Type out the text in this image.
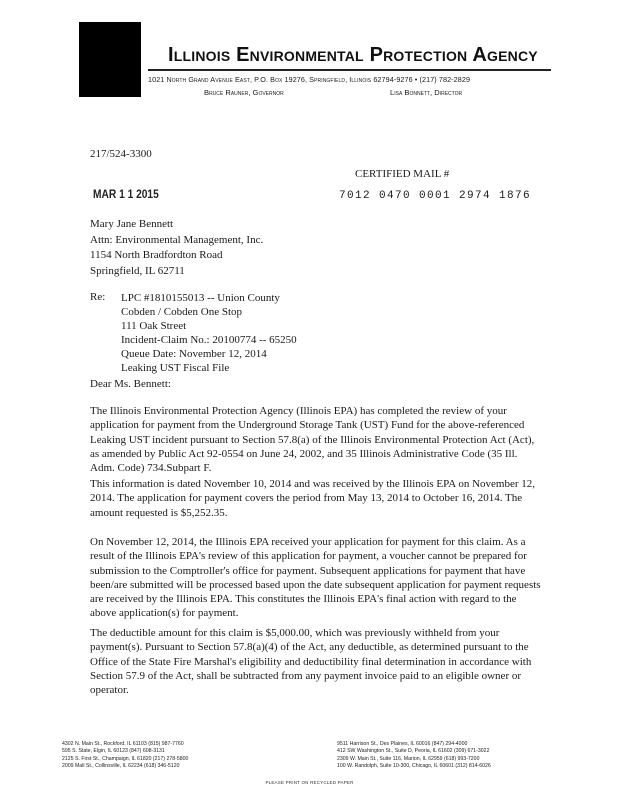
Illinois Environmental Protection Agency
1021 North Grand Avenue East, P.O. Box 19276, Springfield, Illinois 62794-9276 • (217) 782-2829
Bruce Rauner, Governor	Lisa Bonnett, Director
217/524-3300
MAR 1 1 2015
CERTIFIED MAIL #
7012 0470 0001 2974 1876
Mary Jane Bennett
Attn: Environmental Management, Inc.
1154 North Bradfordton Road
Springfield, IL 62711
Re: LPC #1810155013 -- Union County
Cobden / Cobden One Stop
111 Oak Street
Incident-Claim No.: 20100774 -- 65250
Queue Date: November 12, 2014
Leaking UST Fiscal File
Dear Ms. Bennett:
The Illinois Environmental Protection Agency (Illinois EPA) has completed the review of your application for payment from the Underground Storage Tank (UST) Fund for the above-referenced Leaking UST incident pursuant to Section 57.8(a) of the Illinois Environmental Protection Act (Act), as amended by Public Act 92-0554 on June 24, 2002, and 35 Illinois Administrative Code (35 Ill. Adm. Code) 734.Subpart F.
This information is dated November 10, 2014 and was received by the Illinois EPA on November 12, 2014. The application for payment covers the period from May 13, 2014 to October 16, 2014. The amount requested is $5,252.35.
On November 12, 2014, the Illinois EPA received your application for payment for this claim. As a result of the Illinois EPA's review of this application for payment, a voucher cannot be prepared for submission to the Comptroller's office for payment. Subsequent applications for payment that have been/are submitted will be processed based upon the date subsequent application for payment requests are received by the Illinois EPA. This constitutes the Illinois EPA's final action with regard to the above application(s) for payment.
The deductible amount for this claim is $5,000.00, which was previously withheld from your payment(s). Pursuant to Section 57.8(a)(4) of the Act, any deductible, as determined pursuant to the Office of the State Fire Marshal's eligibility and deductibility final determination in accordance with Section 57.9 of the Act, shall be subtracted from any payment invoice paid to an eligible owner or operator.
4302 N. Main St., Rockford, IL 61103 (815) 987-7760
595 S. State, Elgin, IL 60123 (847) 608-3131
2125 S. First St., Champaign, IL 61820 (217) 278-5800
2009 Mall St., Collinsville, IL 62234 (618) 346-5120
9511 Harrison St., Des Plaines, IL 60016 (847) 294-4000
412 SW Washington St., Suite D, Peoria, IL 61602 (309) 671-3022
2309 W. Main St., Suite 116, Marion, IL 62959 (618) 993-7200
100 W. Randolph, Suite 10-300, Chicago, IL 60601 (312) 814-6026
PLEASE PRINT ON RECYCLED PAPER
